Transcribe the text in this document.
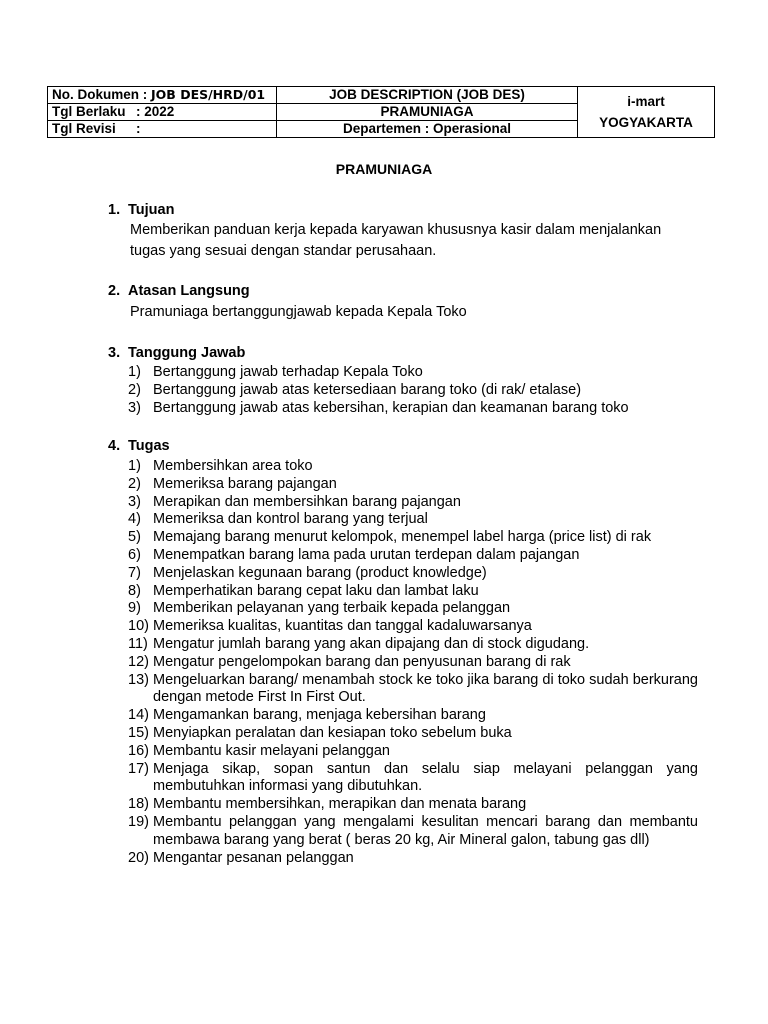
No. Dokumen : JOB DES/HRD/01	JOB DESCRIPTION (JOB DES)	i-mart
YOGYAKARTA

Tgl Berlaku : 2022	PRAMUNIAGA	
Tgl Revisi :	Departemen : Operasional	
PRAMUNIAGA
1. Tujuan
Memberikan panduan kerja kepada karyawan khususnya kasir dalam menjalankan tugas yang sesuai dengan standar perusahaan.
2. Atasan Langsung
Pramuniaga bertanggungjawab kepada Kepala Toko
3. Tanggung Jawab
1) Bertanggung jawab terhadap Kepala Toko
2) Bertanggung jawab atas ketersediaan barang toko (di rak/ etalase)
3) Bertanggung jawab atas kebersihan, kerapian dan keamanan barang toko
4. Tugas
1) Membersihkan area toko
2) Memeriksa barang pajangan
3) Merapikan dan membersihkan barang pajangan
4) Memeriksa dan kontrol barang yang terjual
5) Memajang barang menurut kelompok, menempel label harga (price list) di rak
6) Menempatkan barang lama pada urutan terdepan dalam pajangan
7) Menjelaskan kegunaan barang (product knowledge)
8) Memperhatikan barang cepat laku dan lambat laku
9) Memberikan pelayanan yang terbaik kepada pelanggan
10) Memeriksa kualitas, kuantitas dan tanggal kadaluwarsanya
11) Mengatur jumlah barang yang akan dipajang dan di stock digudang.
12) Mengatur pengelompokan barang dan penyusunan barang di rak
13) Mengeluarkan barang/ menambah stock ke toko jika barang di toko sudah berkurang dengan metode First In First Out.
14) Mengamankan barang, menjaga kebersihan barang
15) Menyiapkan peralatan dan kesiapan toko sebelum buka
16) Membantu kasir melayani pelanggan
17) Menjaga sikap, sopan santun dan selalu siap melayani pelanggan yang membutuhkan informasi yang dibutuhkan.
18) Membantu membersihkan, merapikan dan menata barang
19) Membantu pelanggan yang mengalami kesulitan mencari barang dan membantu membawa barang yang berat ( beras 20 kg, Air Mineral galon, tabung gas dll)
20) Mengantar pesanan pelanggan
